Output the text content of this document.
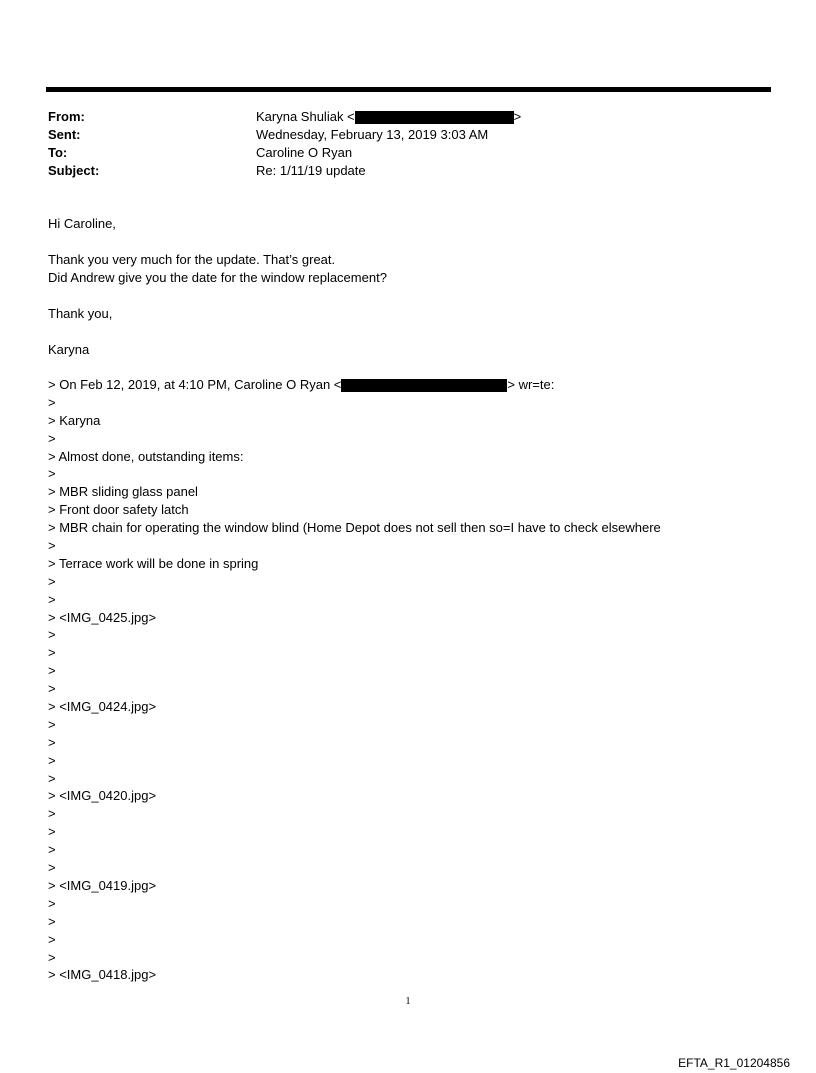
From:	Karyna Shuliak <	>
Sent:	Wednesday, February 13, 2019 3:03 AM
To:	Caroline O Ryan
Subject:	Re: 1/11/19 update

Hi Caroline,

Thank you very much for the update. That’s great.
Did Andrew give you the date for the window replacement?

Thank you,

Karyna

> On Feb 12, 2019, at 4:10 PM, Caroline O Ryan <	> wr=te:
>
> Karyna
>
> Almost done, outstanding items:
>
> MBR sliding glass panel
> Front door safety latch
> MBR chain for operating the window blind (Home Depot does not sell then so=I have to check elsewhere
>
> Terrace work will be done in spring
>
>
> <IMG_0425.jpg>
>
>
>
>
> <IMG_0424.jpg>
>
>
>
>
> <IMG_0420.jpg>
>
>
>
>
> <IMG_0419.jpg>
>
>
>
>
> <IMG_0418.jpg>
1
EFTA_R1_01204856
